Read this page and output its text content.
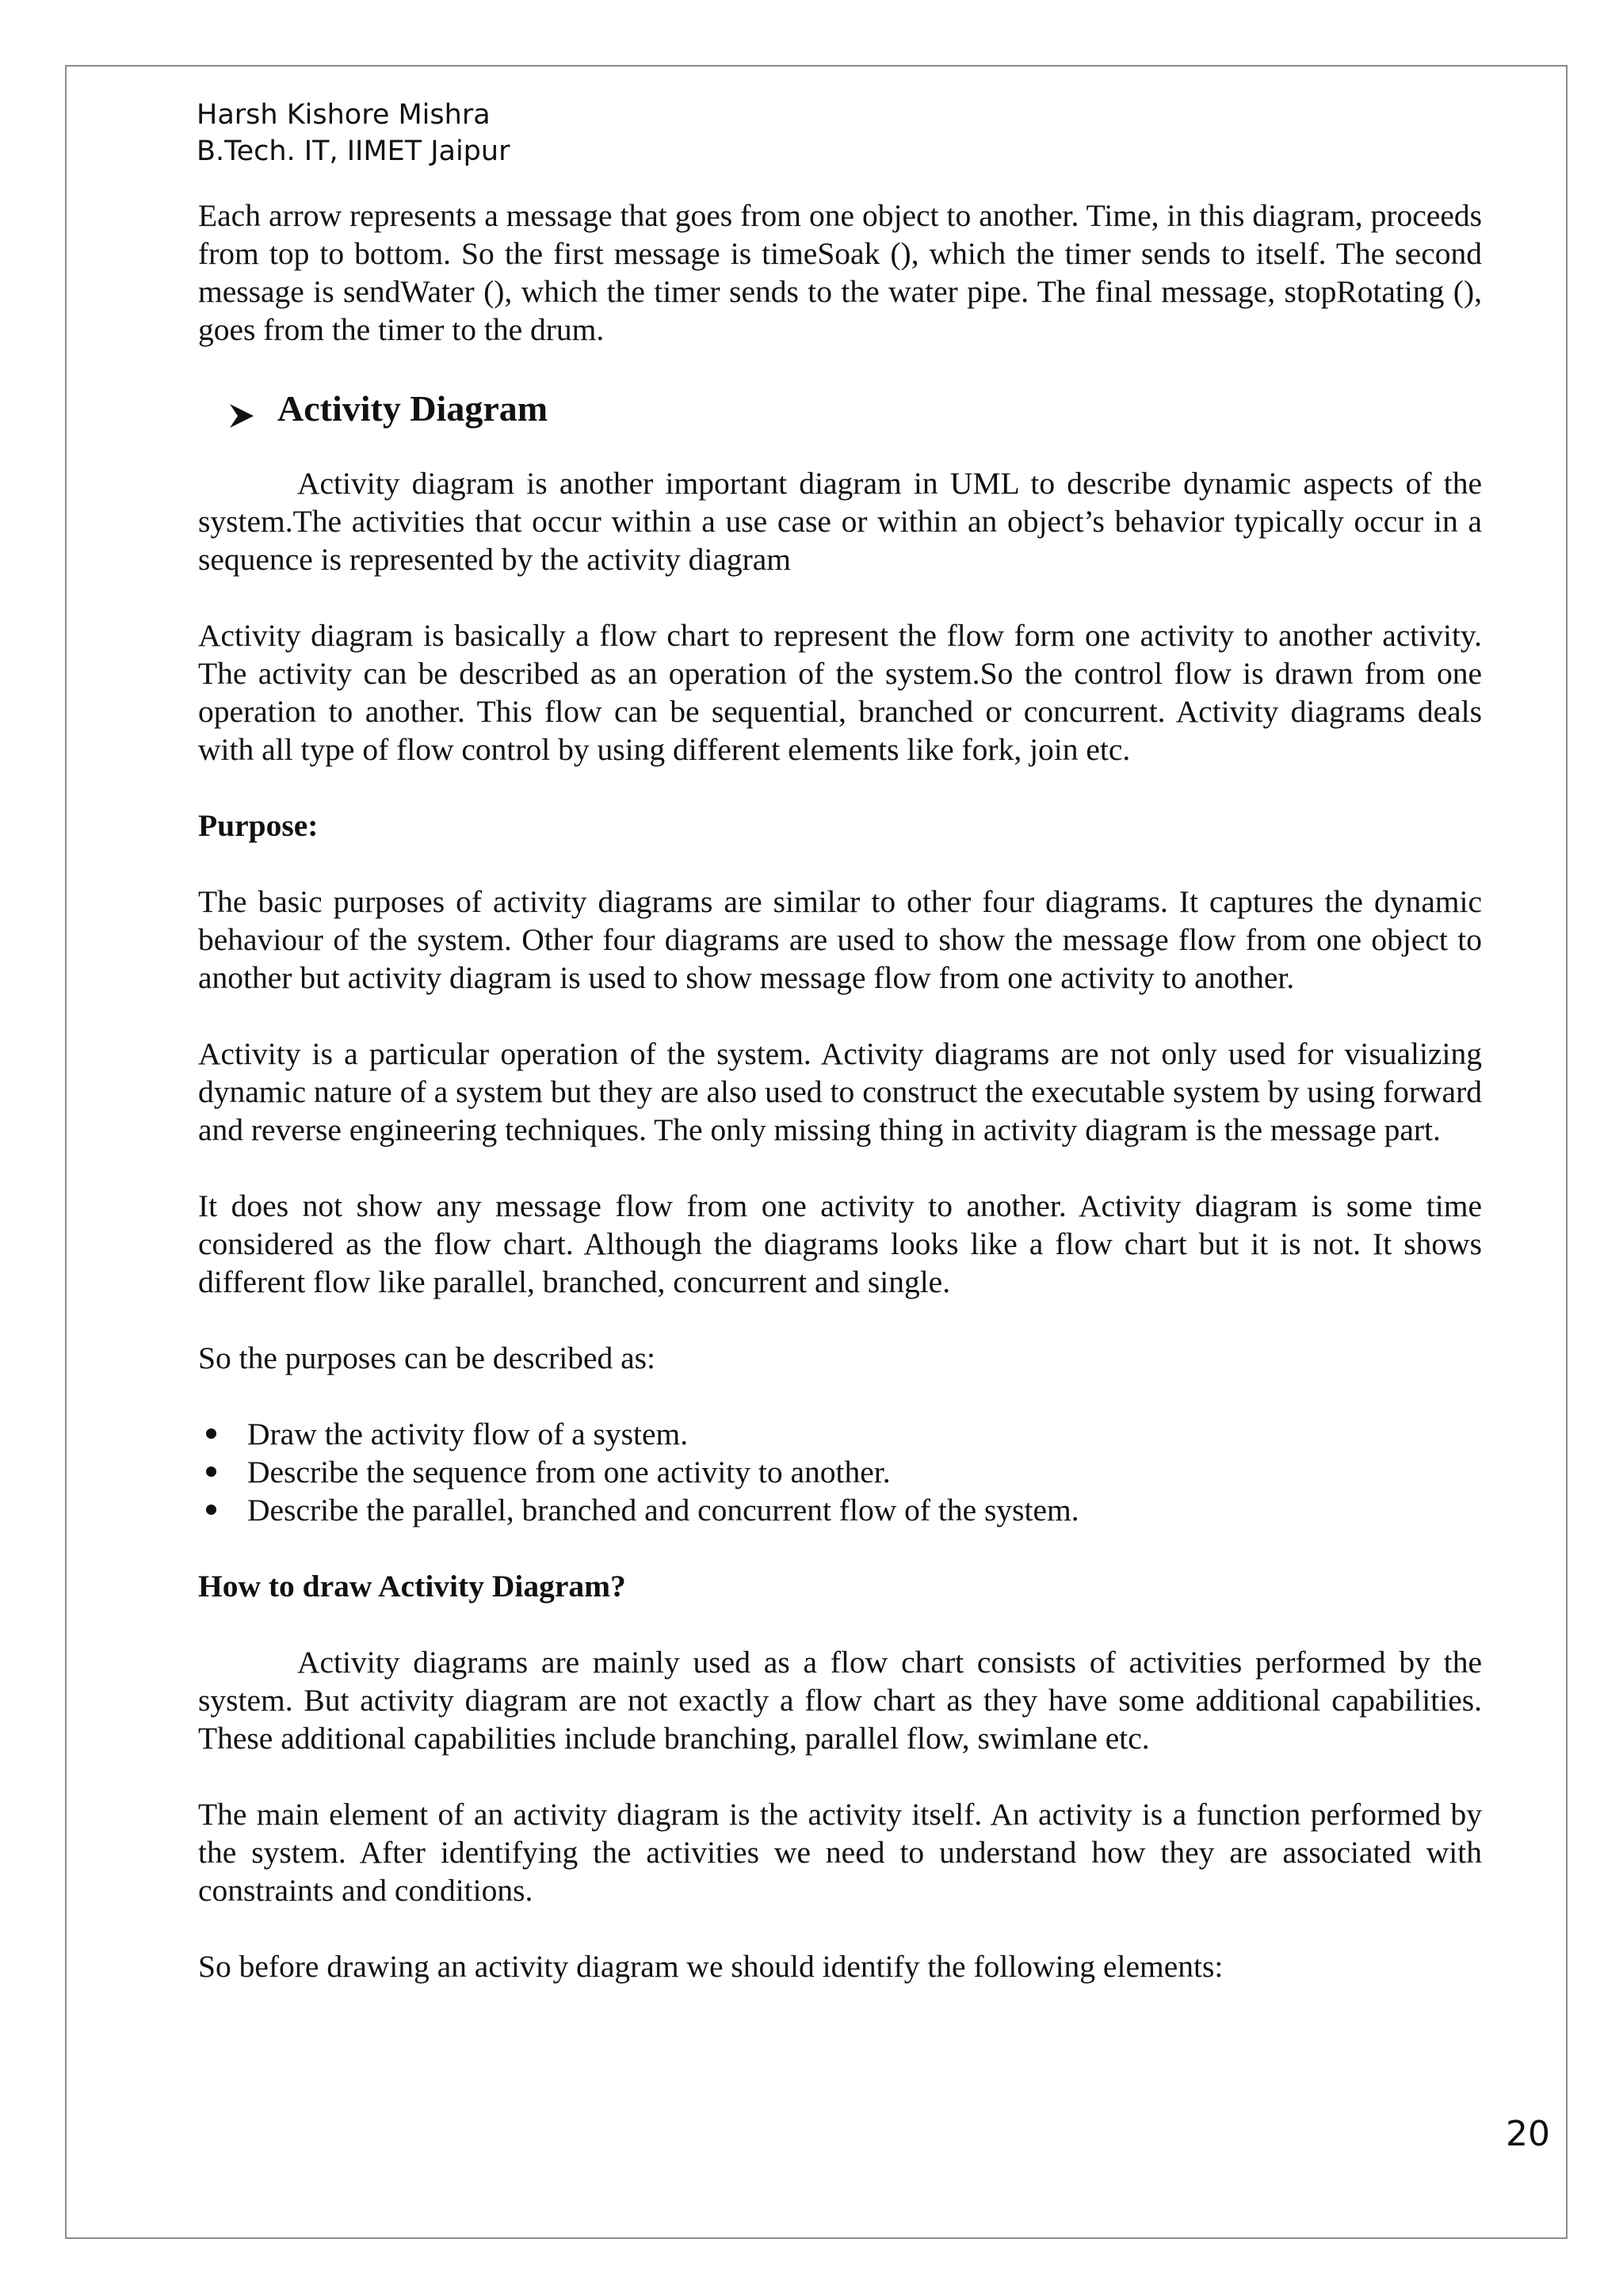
Harsh Kishore Mishra
B.Tech. IT, IIMET Jaipur

Each arrow represents a message that goes from one object to another. Time, in this diagram, proceeds from top to bottom. So the first message is timeSoak (), which the timer sends to itself. The second message is sendWater (), which the timer sends to the water pipe. The final message, stopRotating (), goes from the timer to the drum.

Activity Diagram

Activity diagram is another important diagram in UML to describe dynamic aspects of the system.The activities that occur within a use case or within an object’s behavior typically occur in a sequence is represented by the activity diagram

Activity diagram is basically a flow chart to represent the flow form one activity to another activity. The activity can be described as an operation of the system.So the control flow is drawn from one operation to another. This flow can be sequential, branched or concurrent. Activity diagrams deals with all type of flow control by using different elements like fork, join etc.

Purpose:

The basic purposes of activity diagrams are similar to other four diagrams. It captures the dynamic behaviour of the system. Other four diagrams are used to show the message flow from one object to another but activity diagram is used to show message flow from one activity to another.

Activity is a particular operation of the system. Activity diagrams are not only used for visualizing dynamic nature of a system but they are also used to construct the executable system by using forward and reverse engineering techniques. The only missing thing in activity diagram is the message part.

It does not show any message flow from one activity to another. Activity diagram is some time considered as the flow chart. Although the diagrams looks like a flow chart but it is not. It shows different flow like parallel, branched, concurrent and single.

So the purposes can be described as:

Draw the activity flow of a system.
Describe the sequence from one activity to another.
Describe the parallel, branched and concurrent flow of the system.
How to draw Activity Diagram?

Activity diagrams are mainly used as a flow chart consists of activities performed by the system. But activity diagram are not exactly a flow chart as they have some additional capabilities. These additional capabilities include branching, parallel flow, swimlane etc.

The main element of an activity diagram is the activity itself. An activity is a function performed by the system. After identifying the activities we need to understand how they are associated with constraints and conditions.

So before drawing an activity diagram we should identify the following elements:

20
